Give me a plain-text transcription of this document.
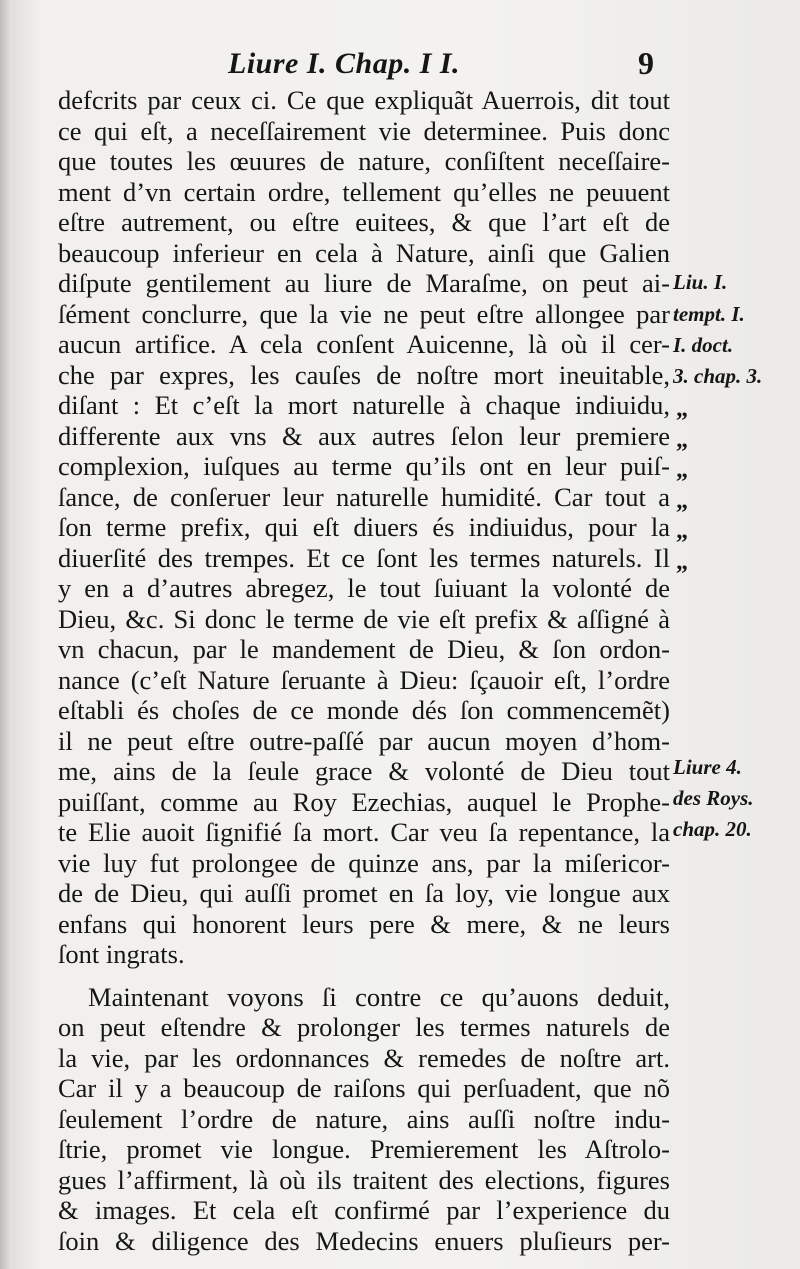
Liure I. Chap. I I.	9
defcrits par ceux ci. Ce que expliquãt Auerrois, dit tout
ce qui eſt, a neceſſairement vie determinee. Puis donc
que toutes les œuures de nature, conſiſtent neceſſaire-
ment d’vn certain ordre, tellement qu’elles ne peuuent
eſtre autrement, ou eſtre euitees, & que l’art eſt de
beaucoup inferieur en cela à Nature, ainſi que Galien
diſpute gentilement au liure de Maraſme, on peut ai-
ſément conclurre, que la vie ne peut eſtre allongee par
aucun artifice. A cela conſent Auicenne, là où il cer-
che par expres, les cauſes de noſtre mort ineuitable,
diſant : Et c’eſt la mort naturelle à chaque indiuidu,
differente aux vns & aux autres ſelon leur premiere
complexion, iuſques au terme qu’ils ont en leur puiſ-
ſance, de conſeruer leur naturelle humidité. Car tout a
ſon terme prefix, qui eſt diuers és indiuidus, pour la
diuerſité des trempes. Et ce ſont les termes naturels. Il
y en a d’autres abregez, le tout ſuiuant la volonté de
Dieu, &c. Si donc le terme de vie eſt prefix & aſſigné à
vn chacun, par le mandement de Dieu, & ſon ordon-
nance (c’eſt Nature ſeruante à Dieu: ſçauoir eſt, l’ordre
eſtabli és choſes de ce monde dés ſon commencemẽt)
il ne peut eſtre outre-paſſé par aucun moyen d’hom-
me, ains de la ſeule grace & volonté de Dieu tout
puiſſant, comme au Roy Ezechias, auquel le Prophe-
te Elie auoit ſignifié ſa mort. Car veu ſa repentance, la
vie luy fut prolongee de quinze ans, par la miſericor-
de de Dieu, qui auſſi promet en ſa loy, vie longue aux
enfans qui honorent leurs pere & mere, & ne leurs
ſont ingrats.
Maintenant voyons ſi contre ce qu’auons deduit,
on peut eſtendre & prolonger les termes naturels de
la vie, par les ordonnances & remedes de noſtre art.
Car il y a beaucoup de raiſons qui perſuadent, que nõ
ſeulement l’ordre de nature, ains auſſi noſtre indu-
ſtrie, promet vie longue. Premierement les Aſtrolo-
gues l’affirment, là où ils traitent des elections, figures
& images. Et cela eſt confirmé par l’experience du
ſoin & diligence des Medecins enuers pluſieurs per-
Liu. I.
tempt. I.
I. doct.
3. chap. 3.
„
„
„
„
„
„
Liure 4.
des Roys.
chap. 20.
